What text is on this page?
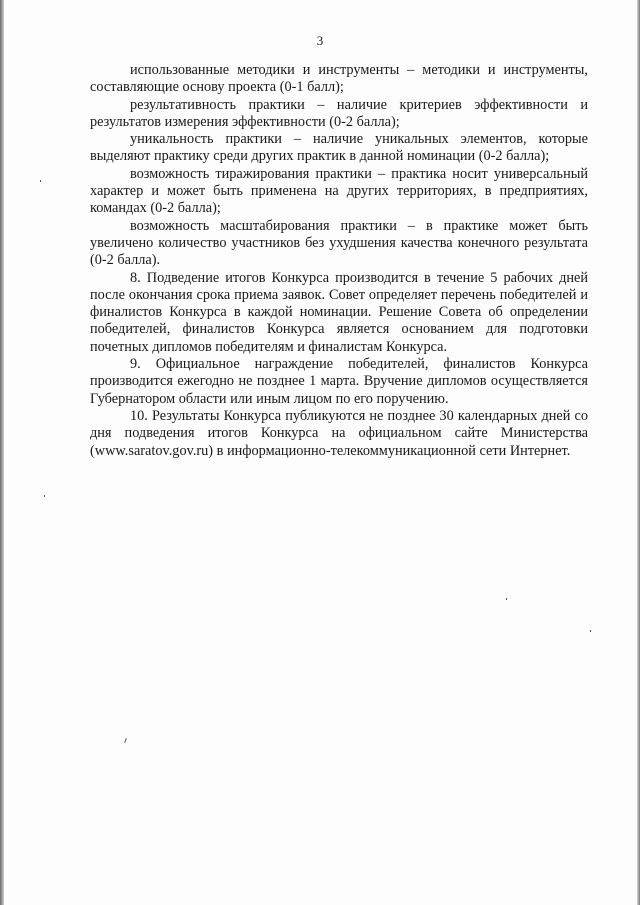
3

использованные методики и инструменты – методики и инструменты, составляющие основу проекта (0-1 балл);

результативность практики – наличие критериев эффективности и результатов измерения эффективности (0-2 балла);

уникальность практики – наличие уникальных элементов, которые выделяют практику среди других практик в данной номинации (0-2 балла);

возможность тиражирования практики – практика носит универсальный характер и может быть применена на других территориях, в предприятиях, командах (0-2 балла);

возможность масштабирования практики – в практике может быть увеличено количество участников без ухудшения качества конечного результата (0-2 балла).

8. Подведение итогов Конкурса производится в течение 5 рабочих дней после окончания срока приема заявок. Совет определяет перечень победителей и финалистов Конкурса в каждой номинации. Решение Совета об определении победителей, финалистов Конкурса является основанием для подготовки почетных дипломов победителям и финалистам Конкурса.

9. Официальное награждение победителей, финалистов Конкурса производится ежегодно не позднее 1 марта. Вручение дипломов осуществляется Губернатором области или иным лицом по его поручению.

10. Результаты Конкурса публикуются не позднее 30 календарных дней со дня подведения итогов Конкурса на официальном сайте Министерства (www.saratov.gov.ru) в информационно-телекоммуникационной сети Интернет.
